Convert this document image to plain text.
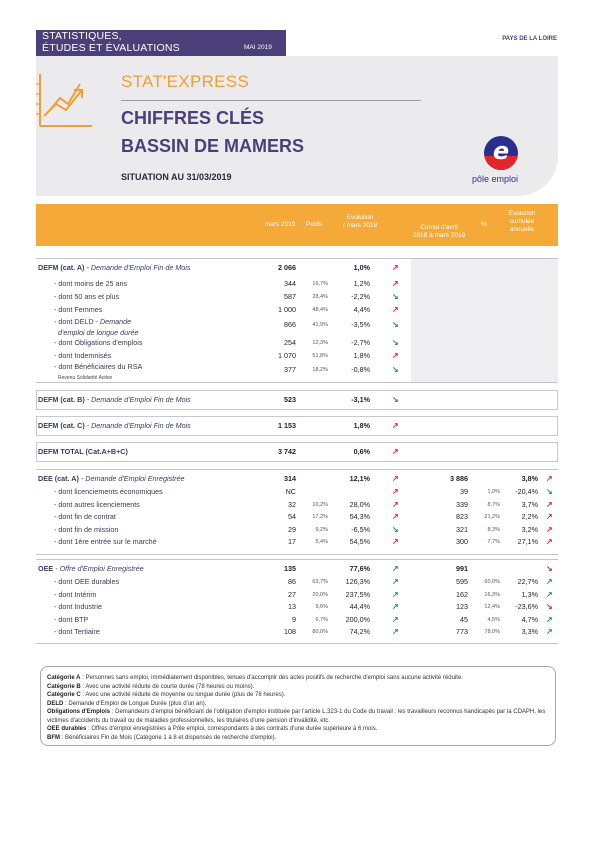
STATISTIQUES,
ÉTUDES ET ÉVALUATIONS	MAI 2019
PAYS DE LA LOIRE
STAT'EXPRESS
CHIFFRES CLÉS
BASSIN DE MAMERS
SITUATION AU 31/03/2019
e
pôle emploi
mars 2019	Poids
Evolution
/ mars 2018	Cumul d'avril
2018 à mars 2019
%
Evolution
cumulée
annuelle
DEFM (cat. A) - Demande d'Emploi Fin de Mois	2 066	1,0%	↗
- dont moins de 25 ans	344	16,7%	1,2%	↗
- dont 50 ans et plus	587	28,4%	-2,2%	↘
- dont Femmes	1 000	48,4%	4,4%	↗
- dont DELD - Demande
d'emploi de longue durée
866	41,9%	-3,5%	↘
- dont Obligations d'emplois	254	12,3%	-2,7%	↘
- dont Indemnisés	1 070	51,8%	1,8%	↗
- dont Bénéficiaires du RSA
Revenu Solidarité Active
377	18,2%	-0,8%	↘
DEFM (cat. B) - Demande d'Emploi Fin de Mois	523	-3,1%	↘
DEFM (cat. C) - Demande d'Emploi Fin de Mois	1 153	1,8%	↗
DEFM TOTAL (Cat.A+B+C)	3 742	0,6%	↗
DEE (cat. A) - Demande d'Emploi Enregistrée	314	12,1%	↗	3 886	3,8% ↗
- dont licenciements économiques	NC	↗	39	1,0%	-20,4% ↘
- dont autres licenciements	32	10,2%	28,0%	↗	339	8,7%	3,7% ↗
- dont fin de contrat	54	17,2%	54,3%	↗	823	21,2%	2,2% ↗
- dont fin de mission	29	9,2%	-6,5%	↘	321	8,3%	3,2% ↗
- dont 1ère entrée sur le marché	17	5,4%	54,5%	↗	300	7,7%	27,1% ↗
OEE - Offre d'Emploi Enregistrée	135	77,6%	↗	991	↘
- dont OEE durables	86	63,7%	126,3%	↗	595	60,0%	22,7% ↗
- dont Intérim	27	20,0%	237,5%	↗	162	16,3%	1,3% ↗
- dont Industrie	13	9,6%	44,4%	↗	123	12,4%	-23,6% ↘
- dont BTP	9	6,7%	200,0%	↗	45	4,5%	4,7% ↗
- dont Tertiaire	108	80,0%	74,2%	↗	773	78,0%	3,3% ↗

Catégorie A : Personnes sans emploi, immédiatement disponibles, tenues d'accomplir des actes positifs de recherche d'emploi sans aucune activité réduite.

Catégorie B : Avec une activité réduite de courte durée (78 heures ou moins).

Catégorie C : Avec une activité réduite de moyenne ou longue durée (plus de 78 heures).

DELD : Demande d'Emploi de Longue Durée (plus d'un an).

Obligations d'Emplois : Demandeurs d'emploi bénéficiant de l'obligation d'emploi instituée par l'article L.323-1 du Code du travail : les travailleurs reconnus handicapés par la CDAPH, les victimes d'accidents du travail ou de maladies professionnelles, les titulaires d'une pension d'invalidité, etc.

OEE durables : Offres d'emploi enregistrées à Pôle emploi, correspondants à des contrats d'une durée supérieure à 6 mois.

BFM : Bénéficiaires Fin de Mois (Catégorie 1 à 8 et dispensés de recherche d'emploi).
